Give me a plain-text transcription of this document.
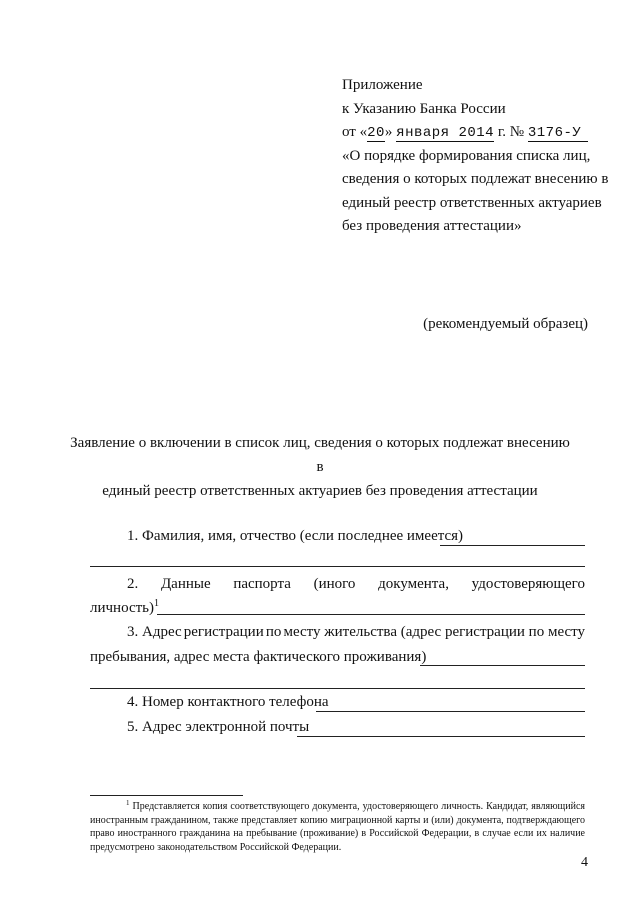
Приложение
к Указанию Банка России
от «20» января 2014 г. № 3176-У
«О порядке формирования списка лиц,
сведения о которых подлежат внесению в
единый реестр ответственных актуариев
без проведения аттестации»
(рекомендуемый образец)
Заявление о включении в список лиц, сведения о которых подлежат внесению в
единый реестр ответственных актуариев без проведения аттестации
1. Фамилия, имя, отчество (если последнее имеется)
2. Данные паспорта (иного документа, удостоверяющего
личность)$^1$
3. Адрес регистрации по месту жительства (адрес регистрации по месту
пребывания, адрес места фактического проживания)
4. Номер контактного телефона
5. Адрес электронной почты
$^1$ Представляется копия соответствующего документа, удостоверяющего личность. Кандидат, являющийся иностранным гражданином, также представляет копию миграционной карты и (или) документа, подтверждающего право иностранного гражданина на пребывание (проживание) в Российской Федерации, в случае если их наличие предусмотрено законодательством Российской Федерации.
4
